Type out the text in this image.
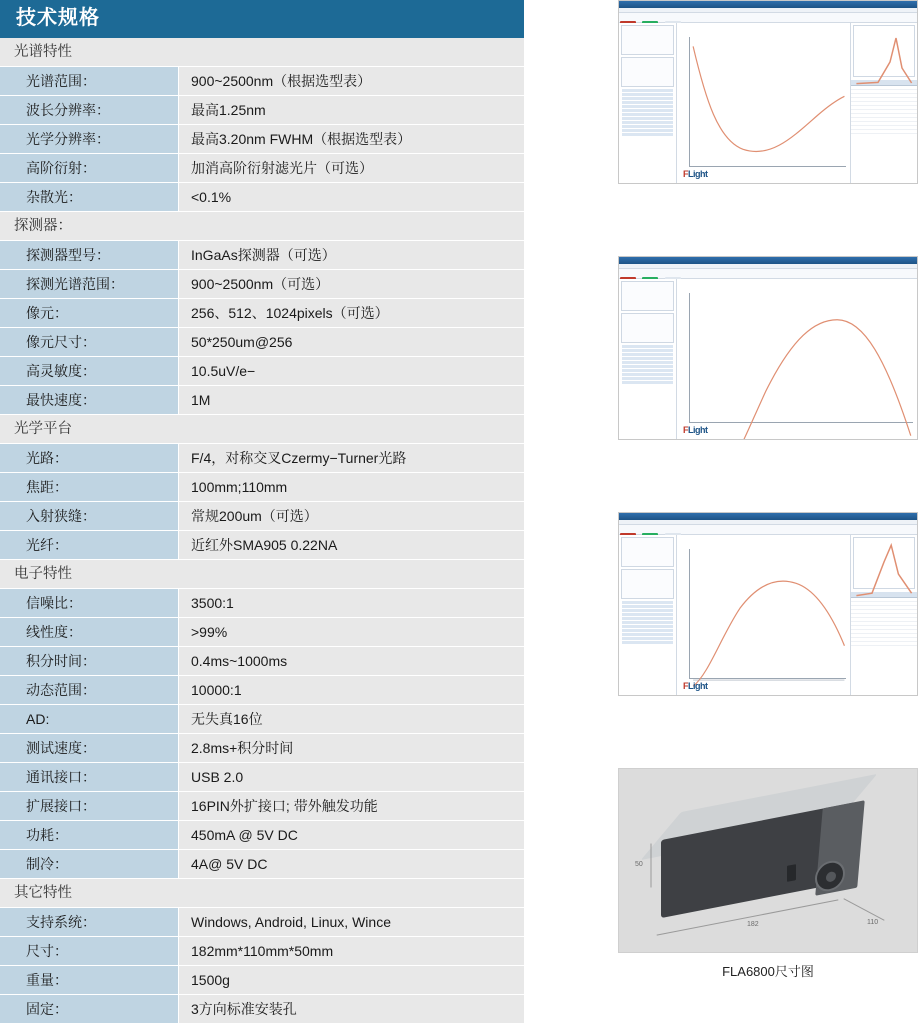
技术规格
光谱特性
光谱范围：	900~2500nm（根据选型表）
波长分辨率：	最高1.25nm
光学分辨率：	最高3.20nm FWHM（根据选型表）
高阶衍射：	加消高阶衍射滤光片（可选）
杂散光：	<0.1%
探测器：
探测器型号：	InGaAs探测器（可选）
探测光谱范围：	900~2500nm（可选）
像元：	256、512、1024pixels（可选）
像元尺寸：	50*250um@256
高灵敏度：	10.5uV/e−
最快速度：	1M
光学平台
光路：	F/4，对称交叉Czermy−Turner光路
焦距：	100mm;110mm
入射狭缝：	常规200um（可选）
光纤：	近红外SMA905 0.22NA
电子特性
信噪比：	3500:1
线性度：	>99%
积分时间：	0.4ms~1000ms
动态范围：	10000:1
AD:	无失真16位
测试速度：	2.8ms+积分时间
通讯接口：	USB 2.0
扩展接口：	16PIN外扩接口; 带外触发功能
功耗：	450mA @ 5V DC
制冷：	4A@ 5V DC
其它特性
支持系统：	Windows, Android, Linux, Wince
尺寸：	182mm*110mm*50mm
重量：	1500g
固定：	3方向标准安装孔

FLight

FLight

FLight
182	110
50
FLA6800尺寸图
